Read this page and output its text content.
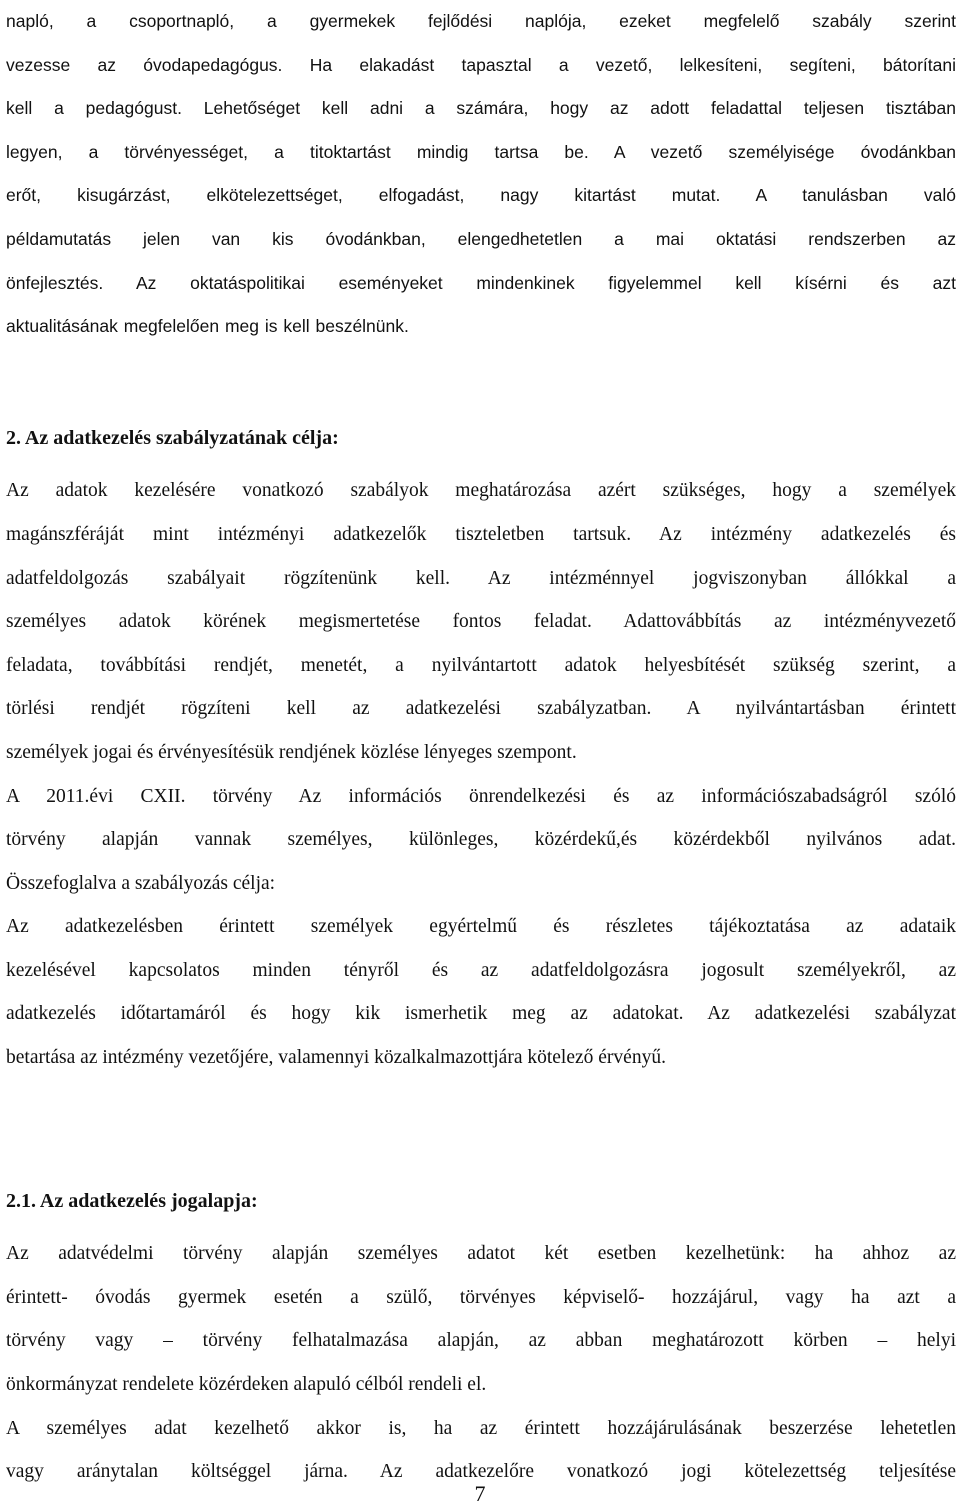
napló, a csoportnapló, a gyermekek fejlődési naplója, ezeket megfelelő szabály szerint
vezesse az óvodapedagógus. Ha elakadást tapasztal a vezető, lelkesíteni, segíteni, bátorítani
kell a pedagógust. Lehetőséget kell adni a számára, hogy az adott feladattal teljesen tisztában
legyen, a törvényességet, a titoktartást mindig tartsa be. A vezető személyisége óvodánkban
erőt, kisugárzást, elkötelezettséget, elfogadást, nagy kitartást mutat. A tanulásban való
példamutatás jelen van kis óvodánkban, elengedhetetlen a mai oktatási rendszerben az
önfejlesztés. Az oktatáspolitikai eseményeket mindenkinek figyelemmel kell kísérni és azt
aktualitásának megfelelően meg is kell beszélnünk.
2. Az adatkezelés szabályzatának célja:
Az adatok kezelésére vonatkozó szabályok meghatározása azért szükséges, hogy a személyek
magánszféráját mint intézményi adatkezelők tiszteletben tartsuk. Az intézmény adatkezelés és
adatfeldolgozás szabályait rögzítenünk kell. Az intézménnyel jogviszonyban állókkal a
személyes adatok körének megismertetése fontos feladat. Adattovábbítás az intézményvezető
feladata, továbbítási rendjét, menetét, a nyilvántartott adatok helyesbítését szükség szerint, a
törlési rendjét rögzíteni kell az adatkezelési szabályzatban. A nyilvántartásban érintett
személyek jogai és érvényesítésük rendjének közlése lényeges szempont.
A 2011.évi CXII. törvény Az információs önrendelkezési és az információszabadságról szóló
törvény alapján vannak személyes, különleges, közérdekű,és közérdekből nyilvános adat.
Összefoglalva a szabályozás célja:
Az adatkezelésben érintett személyek egyértelmű és részletes tájékoztatása az adataik
kezelésével kapcsolatos minden tényről és az adatfeldolgozásra jogosult személyekről, az
adatkezelés időtartamáról és hogy kik ismerhetik meg az adatokat. Az adatkezelési szabályzat
betartása az intézmény vezetőjére, valamennyi közalkalmazottjára kötelező érvényű.
2.1. Az adatkezelés jogalapja:
Az adatvédelmi törvény alapján személyes adatot két esetben kezelhetünk: ha ahhoz az
érintett- óvodás gyermek esetén a szülő, törvényes képviselő- hozzájárul, vagy ha azt a
törvény vagy – törvény felhatalmazása alapján, az abban meghatározott körben – helyi
önkormányzat rendelete közérdeken alapuló célból rendeli el.
A személyes adat kezelhető akkor is, ha az érintett hozzájárulásának beszerzése lehetetlen
vagy aránytalan költséggel járna. Az adatkezelőre vonatkozó jogi kötelezettség teljesítése
7
